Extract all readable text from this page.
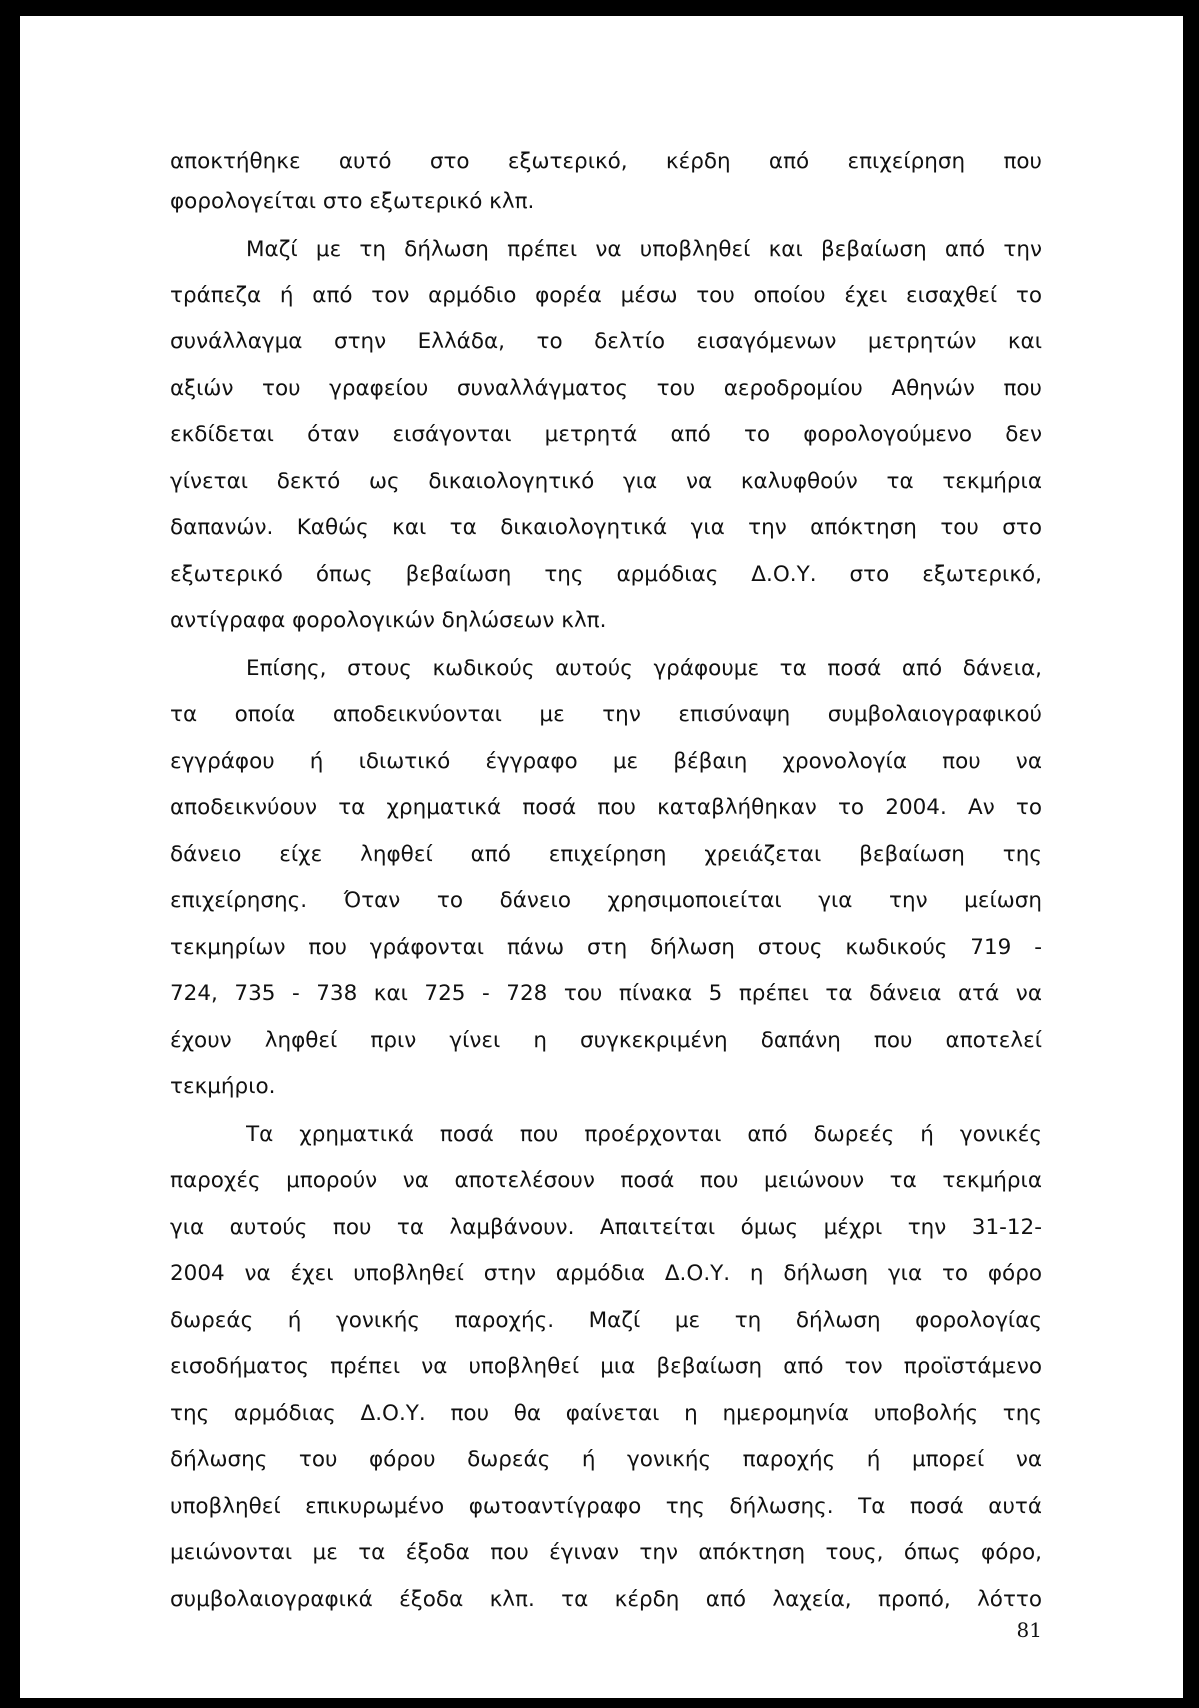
αποκτήθηκε αυτό στο εξωτερικό, κέρδη από επιχείρηση που
φορολογείται στο εξωτερικό κλπ.
Μαζί με τη δήλωση πρέπει να υποβληθεί και βεβαίωση από την
τράπεζα ή από τον αρμόδιο φορέα μέσω του οποίου έχει εισαχθεί το
συνάλλαγμα στην Ελλάδα, το δελτίο εισαγόμενων μετρητών και
αξιών του γραφείου συναλλάγματος του αεροδρομίου Αθηνών που
εκδίδεται όταν εισάγονται μετρητά από το φορολογούμενο δεν
γίνεται δεκτό ως δικαιολογητικό για να καλυφθούν τα τεκμήρια
δαπανών. Καθώς και τα δικαιολογητικά για την απόκτηση του στο
εξωτερικό όπως βεβαίωση της αρμόδιας Δ.Ο.Υ. στο εξωτερικό,
αντίγραφα φορολογικών δηλώσεων κλπ.
Επίσης, στους κωδικούς αυτούς γράφουμε τα ποσά από δάνεια,
τα οποία αποδεικνύονται με την επισύναψη συμβολαιογραφικού
εγγράφου ή ιδιωτικό έγγραφο με βέβαιη χρονολογία που να
αποδεικνύουν τα χρηματικά ποσά που καταβλήθηκαν το 2004. Αν το
δάνειο είχε ληφθεί από επιχείρηση χρειάζεται βεβαίωση της
επιχείρησης. Όταν το δάνειο χρησιμοποιείται για την μείωση
τεκμηρίων που γράφονται πάνω στη δήλωση στους κωδικούς 719 -
724, 735 - 738 και 725 - 728 του πίνακα 5 πρέπει τα δάνεια ατά να
έχουν ληφθεί πριν γίνει η συγκεκριμένη δαπάνη που αποτελεί
τεκμήριο.
Τα χρηματικά ποσά που προέρχονται από δωρεές ή γονικές
παροχές μπορούν να αποτελέσουν ποσά που μειώνουν τα τεκμήρια
για αυτούς που τα λαμβάνουν. Απαιτείται όμως μέχρι την 31-12-
2004 να έχει υποβληθεί στην αρμόδια Δ.Ο.Υ. η δήλωση για το φόρο
δωρεάς ή γονικής παροχής. Μαζί με τη δήλωση φορολογίας
εισοδήματος πρέπει να υποβληθεί μια βεβαίωση από τον προϊστάμενο
της αρμόδιας Δ.Ο.Υ. που θα φαίνεται η ημερομηνία υποβολής της
δήλωσης του φόρου δωρεάς ή γονικής παροχής ή μπορεί να
υποβληθεί επικυρωμένο φωτοαντίγραφο της δήλωσης. Τα ποσά αυτά
μειώνονται με τα έξοδα που έγιναν την απόκτηση τους, όπως φόρο,
συμβολαιογραφικά έξοδα κλπ. τα κέρδη από λαχεία, προπό, λόττο
81
